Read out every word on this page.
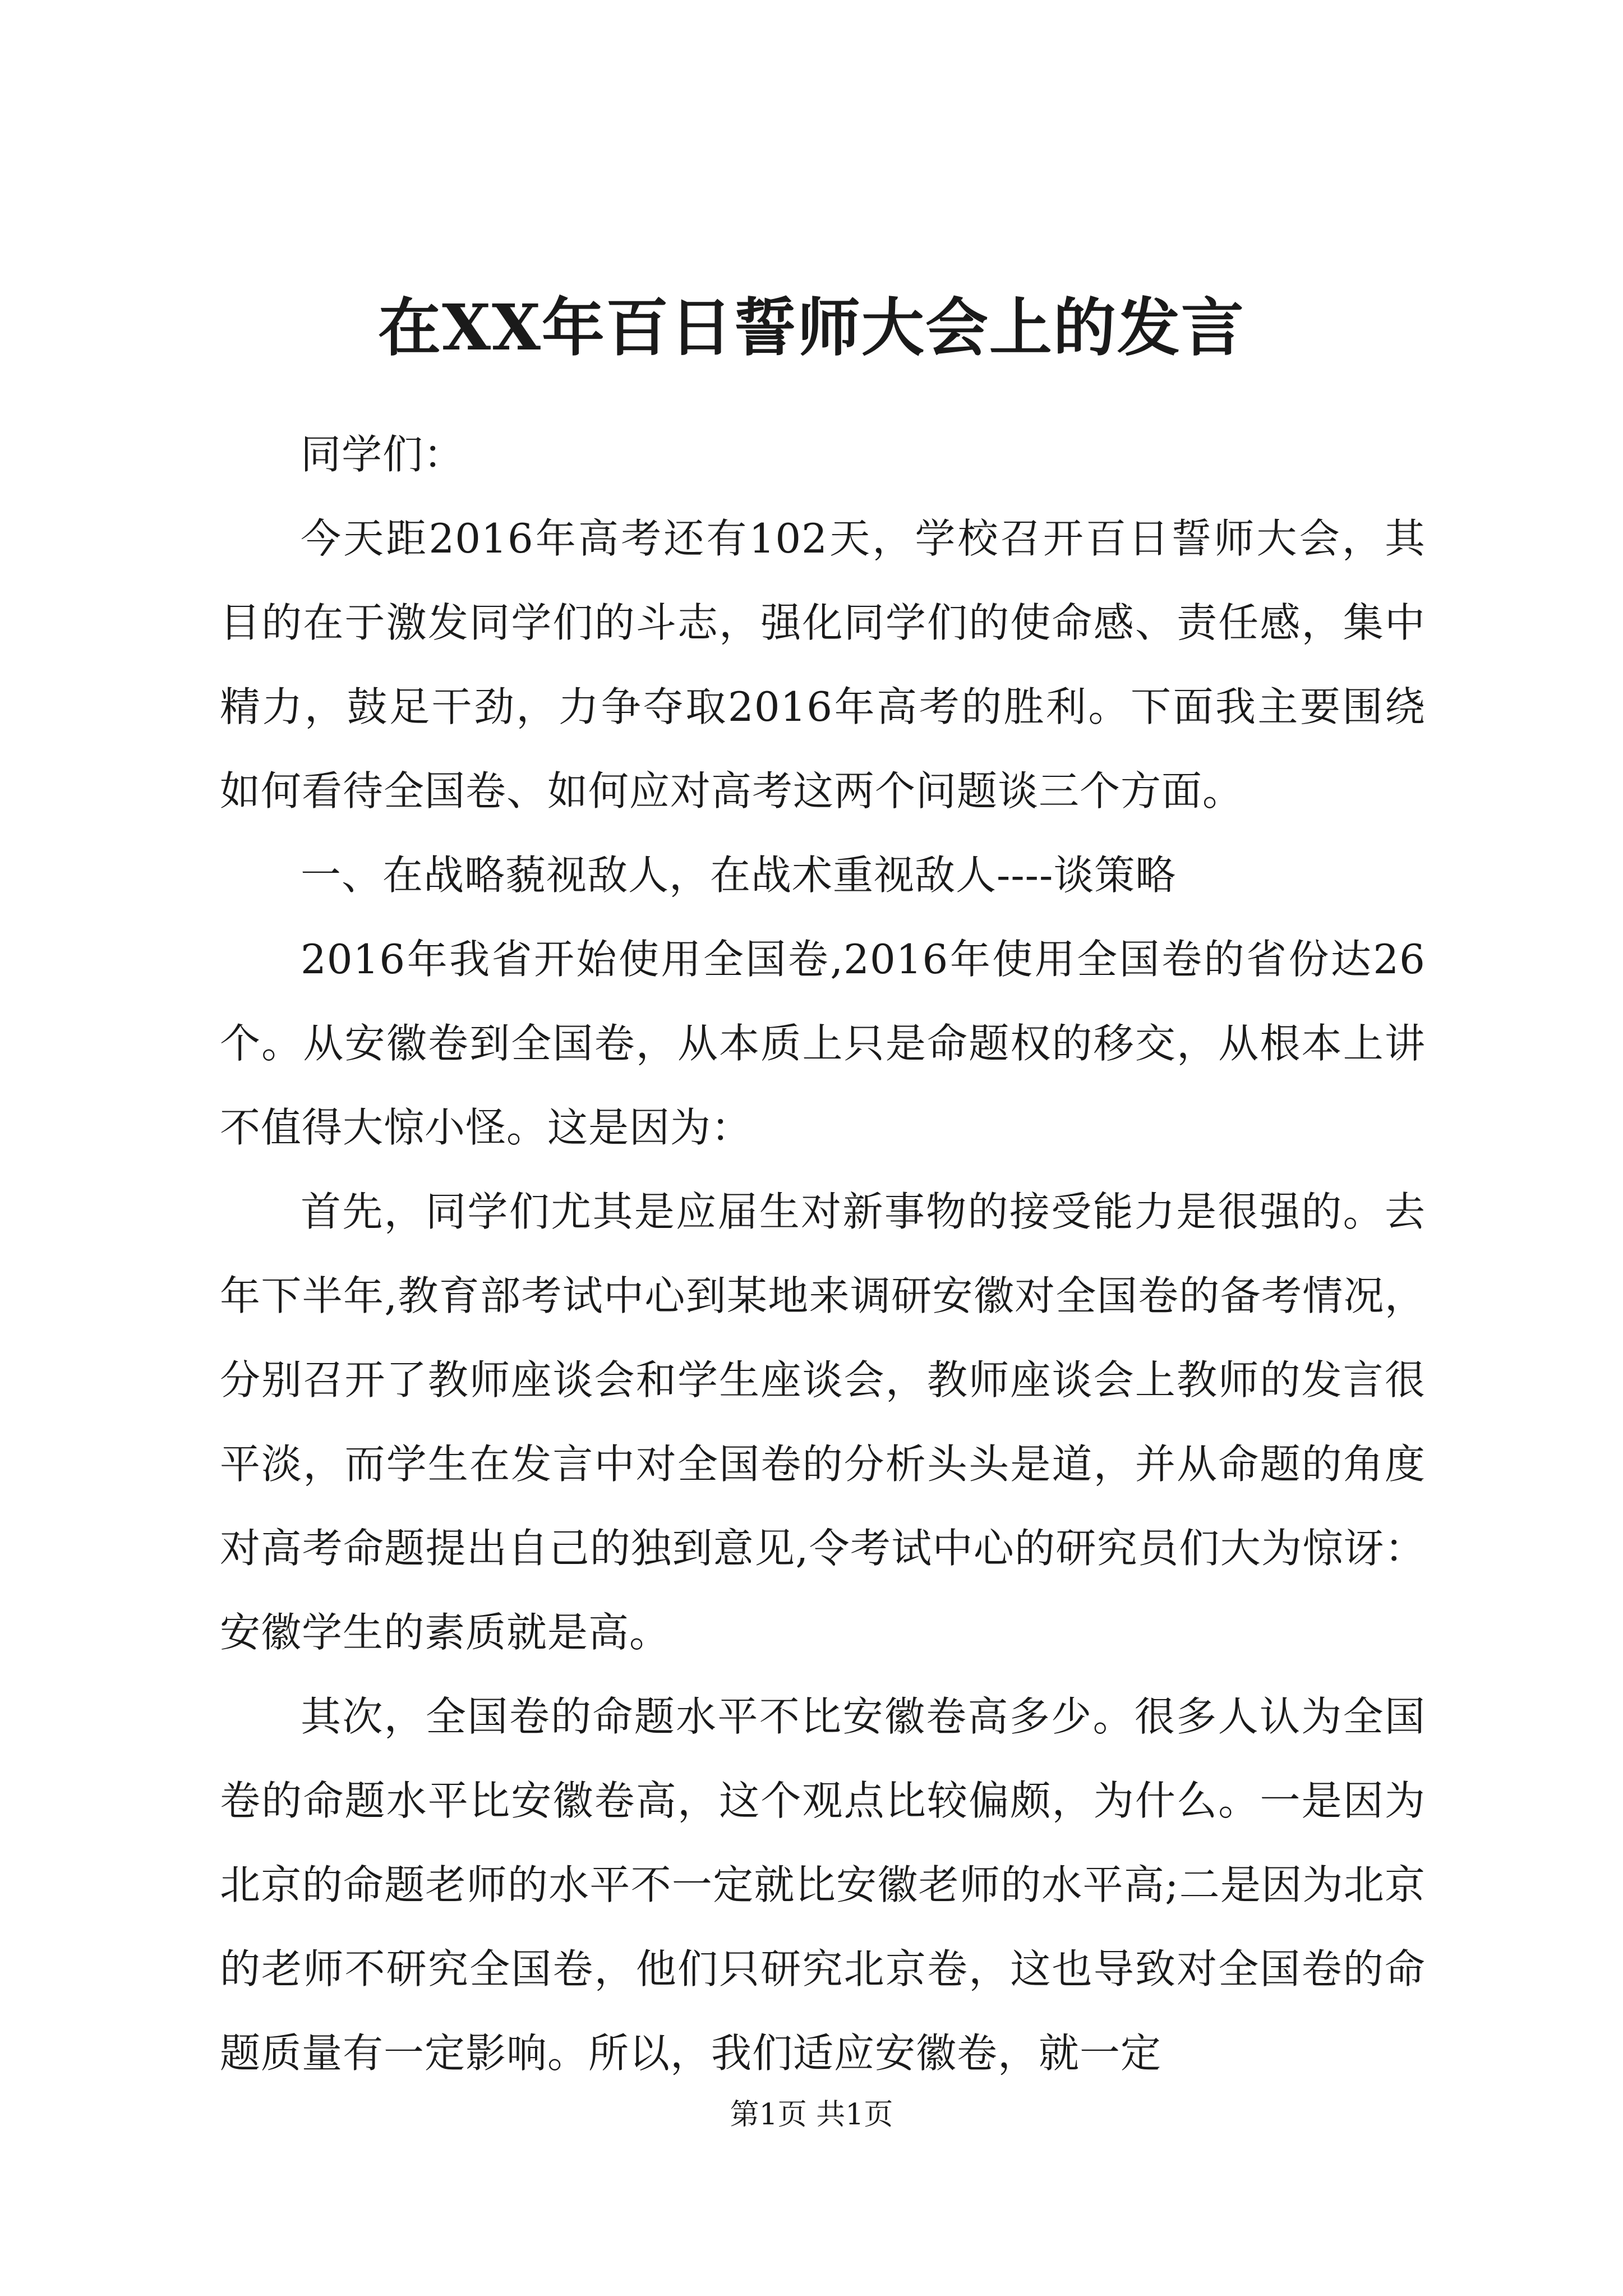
在XX年百日誓师大会上的发言

同学们：

今天距2016年高考还有102天，学校召开百日誓师大会，其目的在于激发同学们的斗志，强化同学们的使命感、责任感，集中精力，鼓足干劲，力争夺取2016年高考的胜利。下面我主要围绕如何看待全国卷、如何应对高考这两个问题谈三个方面。

一、在战略藐视敌人，在战术重视敌人----谈策略

2016年我省开始使用全国卷,2016年使用全国卷的省份达26个。从安徽卷到全国卷，从本质上只是命题权的移交，从根本上讲不值得大惊小怪。这是因为：

首先，同学们尤其是应届生对新事物的接受能力是很强的。去年下半年,教育部考试中心到某地来调研安徽对全国卷的备考情况，分别召开了教师座谈会和学生座谈会，教师座谈会上教师的发言很平淡，而学生在发言中对全国卷的分析头头是道，并从命题的角度对高考命题提出自己的独到意见,令考试中心的研究员们大为惊讶：安徽学生的素质就是高。

其次，全国卷的命题水平不比安徽卷高多少。很多人认为全国卷的命题水平比安徽卷高，这个观点比较偏颇，为什么。一是因为北京的命题老师的水平不一定就比安徽老师的水平高;二是因为北京的老师不研究全国卷，他们只研究北京卷，这也导致对全国卷的命题质量有一定影响。所以，我们适应安徽卷，就一定

第1页 共1页
